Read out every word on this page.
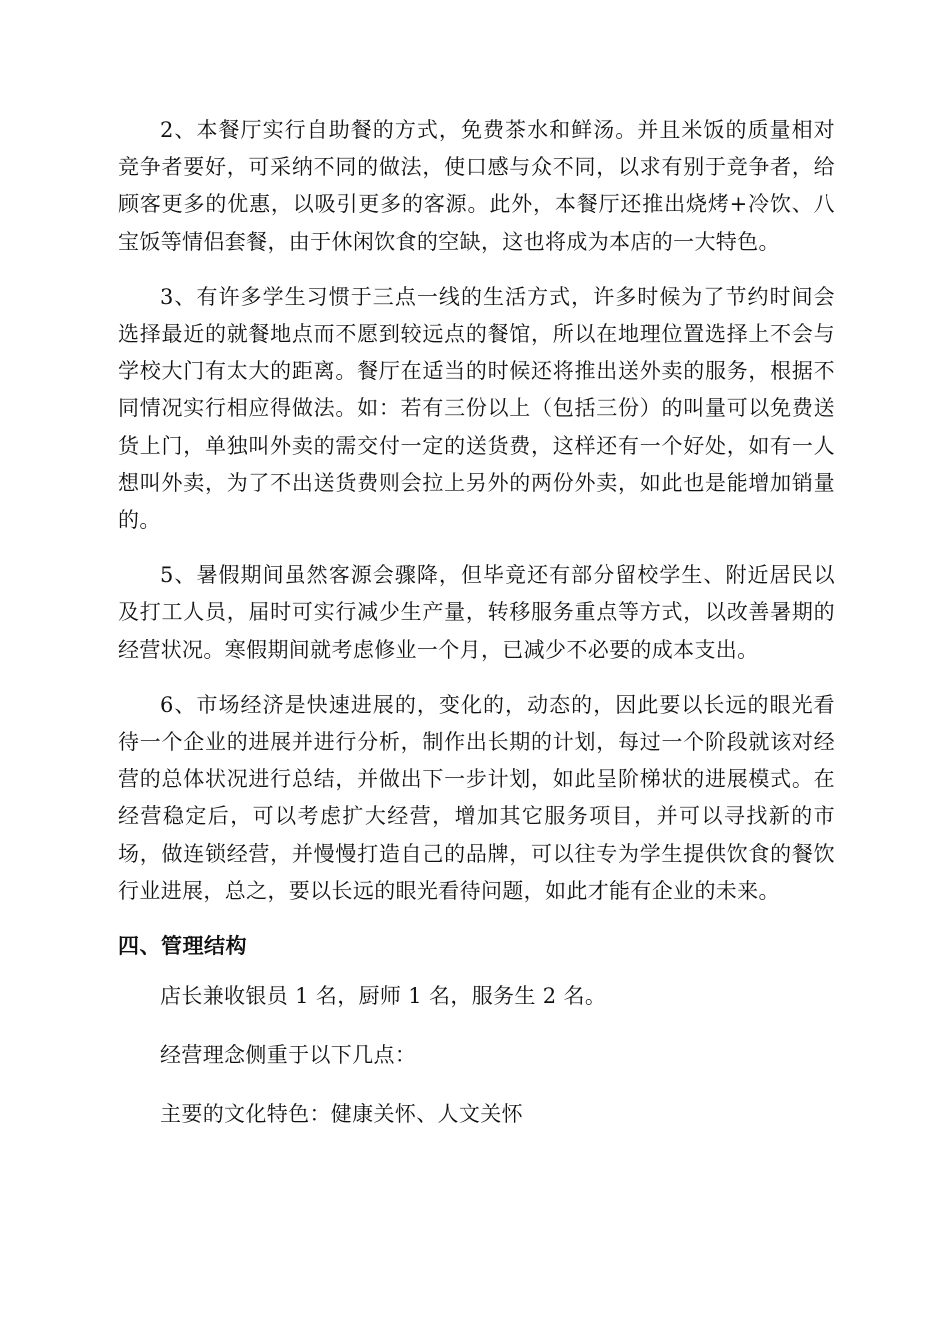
2、本餐厅实行自助餐的方式，免费茶水和鲜汤。并且米饭的质量相对竞争者要好，可采纳不同的做法，使口感与众不同，以求有别于竞争者，给顾客更多的优惠，以吸引更多的客源。此外，本餐厅还推出烧烤+冷饮、八宝饭等情侣套餐，由于休闲饮食的空缺，这也将成为本店的一大特色。

3、有许多学生习惯于三点一线的生活方式，许多时候为了节约时间会选择最近的就餐地点而不愿到较远点的餐馆，所以在地理位置选择上不会与学校大门有太大的距离。餐厅在适当的时候还将推出送外卖的服务，根据不同情况实行相应得做法。如：若有三份以上（包括三份）的叫量可以免费送货上门，单独叫外卖的需交付一定的送货费，这样还有一个好处，如有一人想叫外卖，为了不出送货费则会拉上另外的两份外卖，如此也是能增加销量的。

5、暑假期间虽然客源会骤降，但毕竟还有部分留校学生、附近居民以及打工人员，届时可实行减少生产量，转移服务重点等方式，以改善暑期的经营状况。寒假期间就考虑修业一个月，已减少不必要的成本支出。

6、市场经济是快速进展的，变化的，动态的，因此要以长远的眼光看待一个企业的进展并进行分析，制作出长期的计划，每过一个阶段就该对经营的总体状况进行总结，并做出下一步计划，如此呈阶梯状的进展模式。在经营稳定后，可以考虑扩大经营，增加其它服务项目，并可以寻找新的市场，做连锁经营，并慢慢打造自己的品牌，可以往专为学生提供饮食的餐饮行业进展，总之，要以长远的眼光看待问题，如此才能有企业的未来。

四、管理结构

店长兼收银员 1 名，厨师 1 名，服务生 2 名。

经营理念侧重于以下几点：

主要的文化特色：健康关怀、人文关怀
